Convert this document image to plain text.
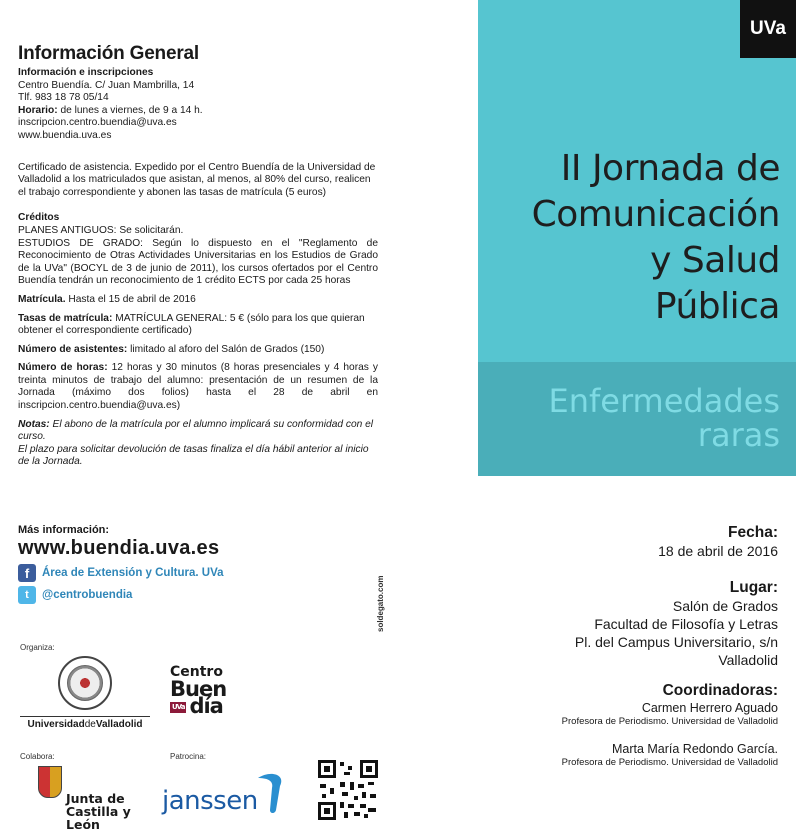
Información General

Información e inscripciones

Centro Buendía. C/ Juan Mambrilla, 14

Tlf. 983 18 78 05/14

Horario: de lunes a viernes, de 9 a 14 h.

inscripcion.centro.buendia@uva.es

www.buendia.uva.es

Certificado de asistencia. Expedido por el Centro Buendía de la Universidad de Valladolid a los matriculados que asistan, al menos, al 80% del curso, realicen el trabajo correspondiente y abonen las tasas de matrícula (5 euros)

Créditos

PLANES ANTIGUOS: Se solicitarán.

ESTUDIOS DE GRADO: Según lo dispuesto en el "Reglamento de Reconocimiento de Otras Actividades Universitarias en los Estudios de Grado de la UVa" (BOCYL de 3 de junio de 2011), los cursos ofertados por el Centro Buendía tendrán un reconocimiento de 1 crédito ECTS por cada 25 horas

Matrícula. Hasta el 15 de abril de 2016

Tasas de matrícula: MATRÍCULA GENERAL: 5 € (sólo para los que quieran obtener el correspondiente certificado)

Número de asistentes: limitado al aforo del Salón de Grados (150)

Número de horas: 12 horas y 30 minutos (8 horas presenciales y 4 horas y treinta minutos de trabajo del alumno: presentación de un resumen de la Jornada (máximo dos folios) hasta el 28 de abril en inscripcion.centro.buendia@uva.es)

Notas: El abono de la matrícula por el alumno implicará su conformidad con el curso.

El plazo para solicitar devolución de tasas finaliza el día hábil anterior al inicio de la Jornada.

Más información:
www.buendia.uva.es
f	Área de Extensión y Cultura. UVa
t	@centrobuendia	soldegato.com
Organiza:
UniversidaddeValladolid
Centro
Buen
UVa día
Colabora:	Patrocina:
Junta de
Castilla y León
janssen
UVa
II Jornada de
Comunicación
y Salud
Pública
Enfermedades
raras
Fecha:
18 de abril de 2016
Lugar:
Salón de Grados
Facultad de Filosofía y Letras
Pl. del Campus Universitario, s/n
Valladolid
Coordinadoras:
Carmen Herrero Aguado
Profesora de Periodismo. Universidad de Valladolid
Marta María Redondo García.
Profesora de Periodismo. Universidad de Valladolid
